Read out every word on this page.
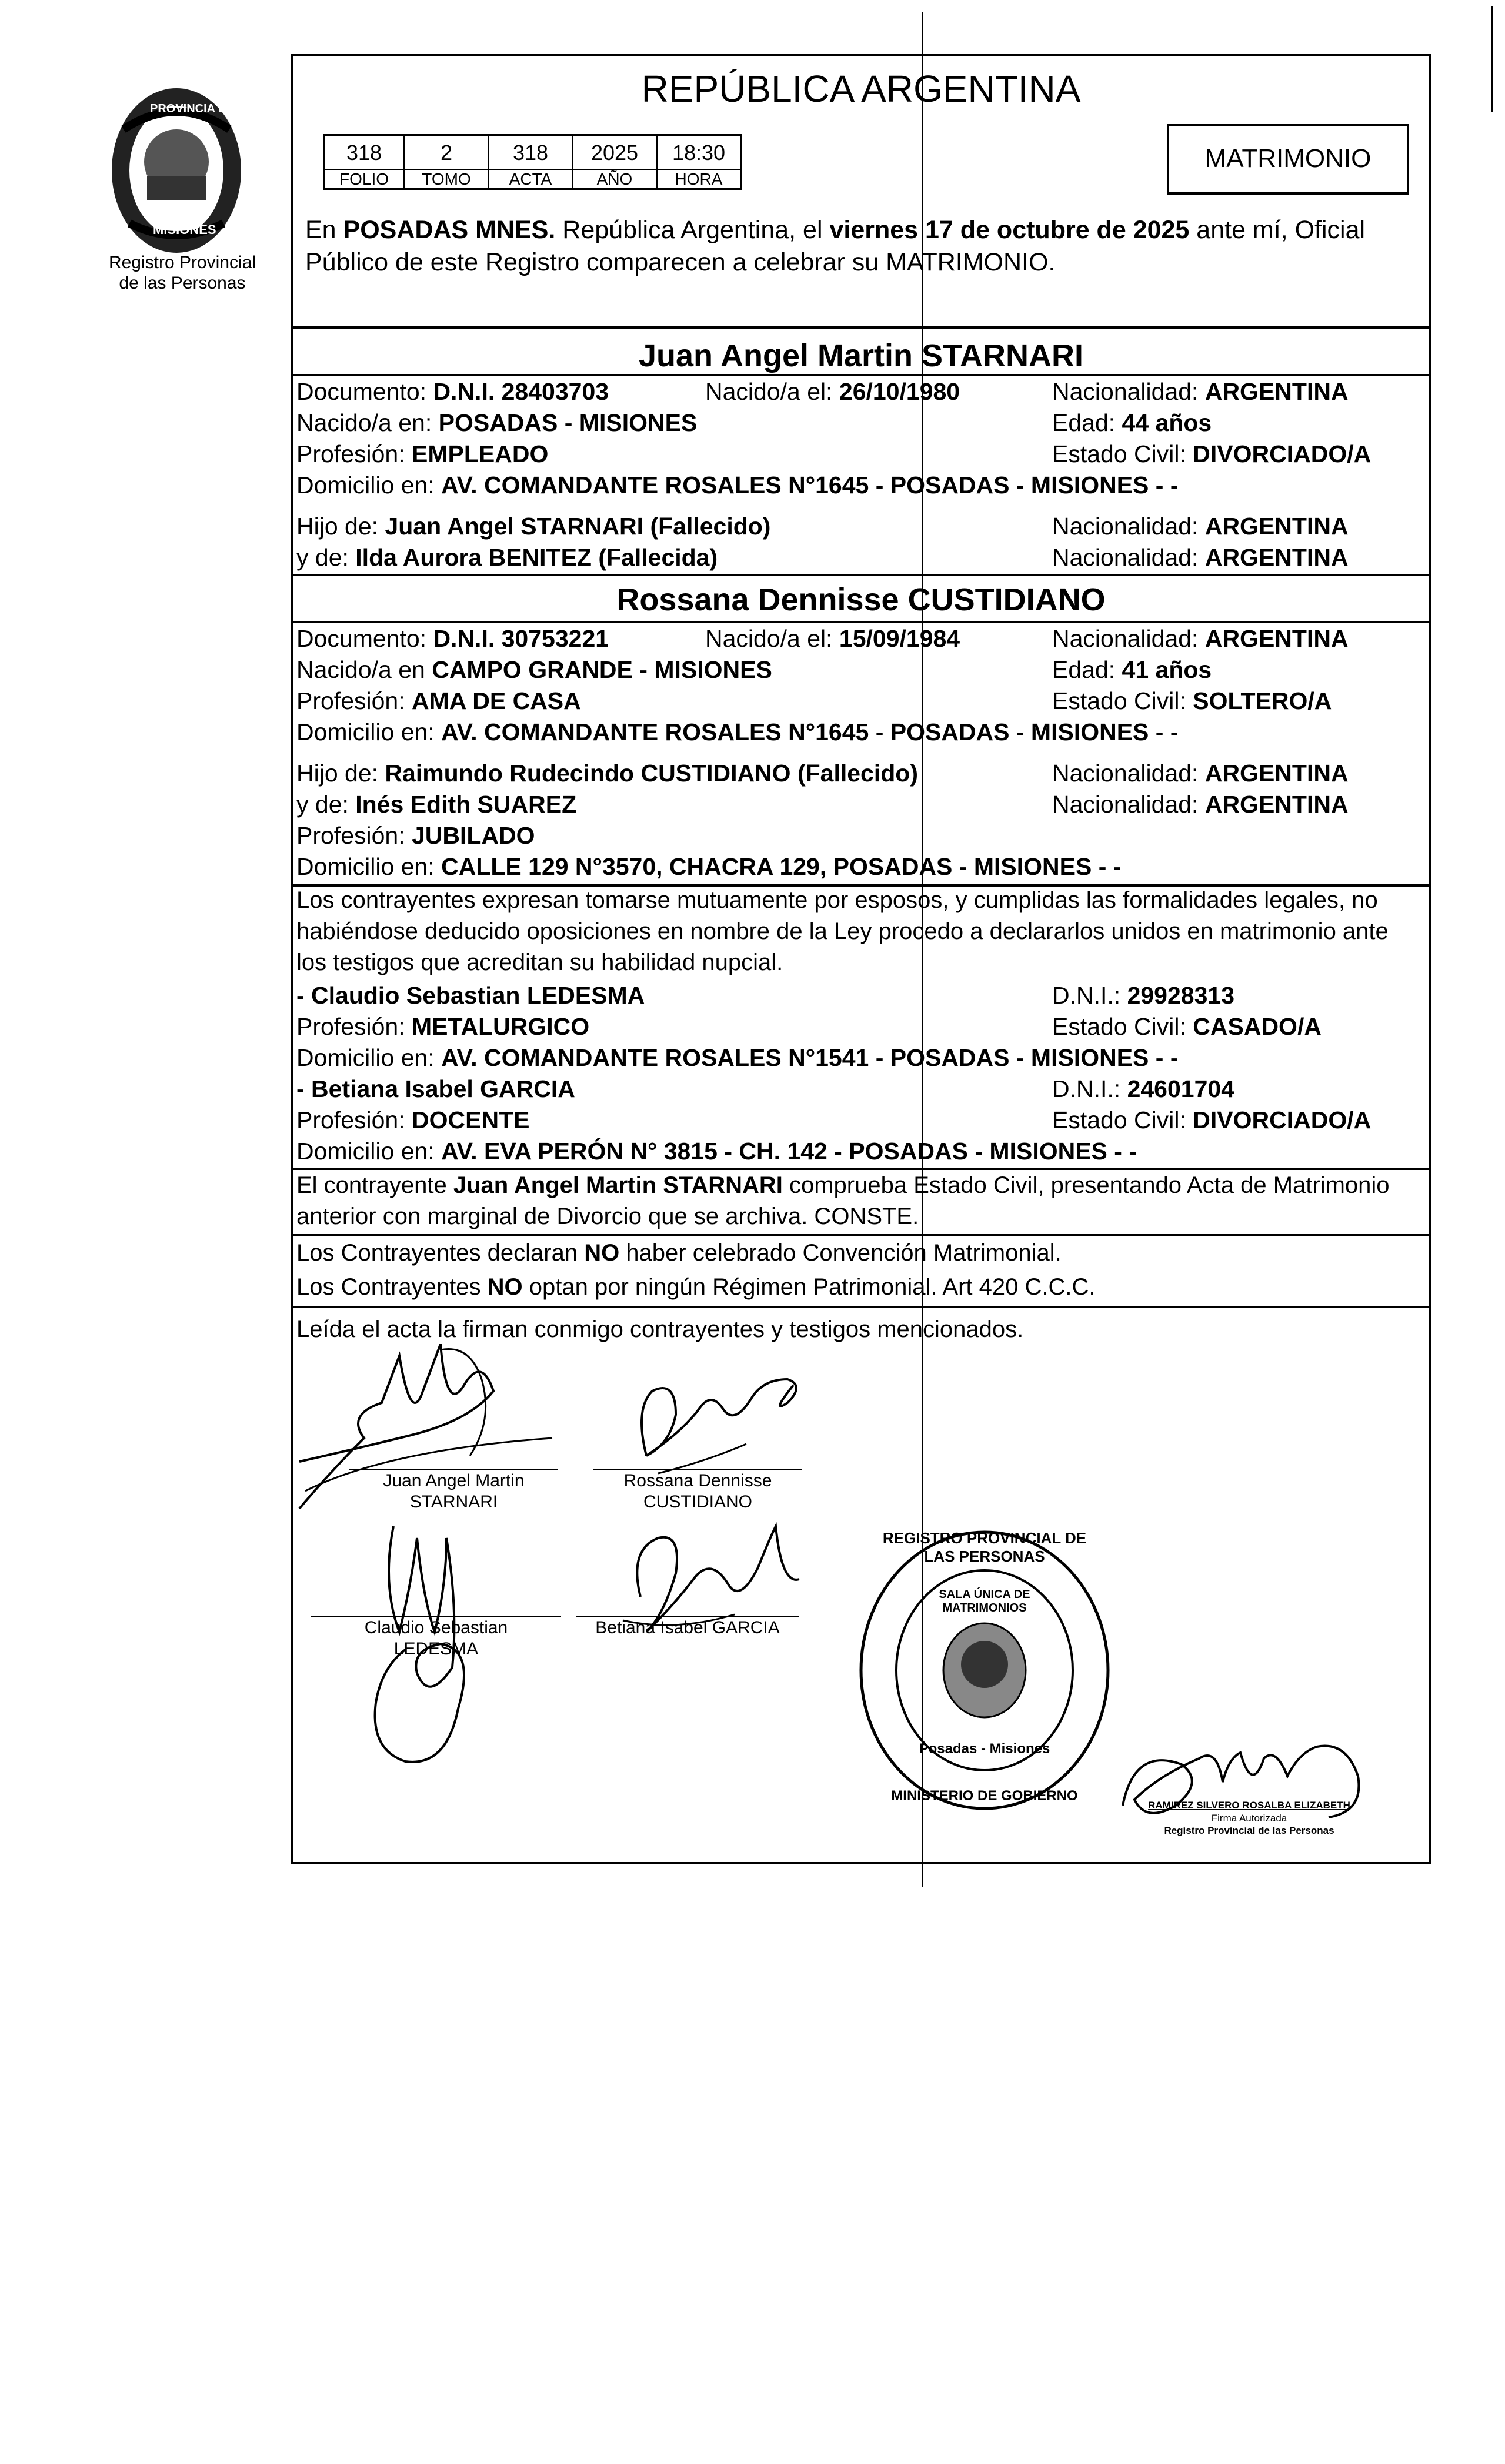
PROVINCIA DE
MISIONES
Registro Provincial
de las Personas
REPÚBLICA ARGENTINA
318	2	318	2025	18:30
FOLIO	TOMO	ACTA	AÑO	HORA
MATRIMONIO
En POSADAS MNES. República Argentina, el viernes 17 de octubre de 2025 ante mí, Oficial
Público de este Registro comparecen a celebrar su MATRIMONIO.
Juan Angel Martin STARNARI
Documento: D.N.I. 28403703	Nacido/a el: 26/10/1980	Nacionalidad: ARGENTINA
Nacido/a en: POSADAS - MISIONES	Edad: 44 años
Profesión: EMPLEADO	Estado Civil: DIVORCIADO/A
Domicilio en: AV. COMANDANTE ROSALES N°1645 - POSADAS - MISIONES - -
Hijo de: Juan Angel STARNARI (Fallecido)	Nacionalidad: ARGENTINA
y de: Ilda Aurora BENITEZ (Fallecida)	Nacionalidad: ARGENTINA
Rossana Dennisse CUSTIDIANO
Documento: D.N.I. 30753221	Nacido/a el: 15/09/1984	Nacionalidad: ARGENTINA
Nacido/a en CAMPO GRANDE - MISIONES	Edad: 41 años
Profesión: AMA DE CASA	Estado Civil: SOLTERO/A
Domicilio en: AV. COMANDANTE ROSALES N°1645 - POSADAS - MISIONES - -
Hijo de: Raimundo Rudecindo CUSTIDIANO (Fallecido)	Nacionalidad: ARGENTINA
y de: Inés Edith SUAREZ	Nacionalidad: ARGENTINA
Profesión: JUBILADO
Domicilio en: CALLE 129 N°3570, CHACRA 129, POSADAS - MISIONES - -
Los contrayentes expresan tomarse mutuamente por esposos, y cumplidas las formalidades legales, no
habiéndose deducido oposiciones en nombre de la Ley procedo a declararlos unidos en matrimonio ante
los testigos que acreditan su habilidad nupcial.
- Claudio Sebastian LEDESMA	D.N.I.: 29928313
Profesión: METALURGICO	Estado Civil: CASADO/A
Domicilio en: AV. COMANDANTE ROSALES N°1541 - POSADAS - MISIONES - -
- Betiana Isabel GARCIA	D.N.I.: 24601704
Profesión: DOCENTE	Estado Civil: DIVORCIADO/A
Domicilio en: AV. EVA PERÓN N° 3815 - CH. 142 - POSADAS - MISIONES - -
El contrayente Juan Angel Martin STARNARI comprueba Estado Civil, presentando Acta de Matrimonio
anterior con marginal de Divorcio que se archiva. CONSTE.
Los Contrayentes declaran NO haber celebrado Convención Matrimonial.
Los Contrayentes NO optan por ningún Régimen Patrimonial. Art 420 C.C.C.
Leída el acta la firman conmigo contrayentes y testigos mencionados.
Juan Angel Martin
STARNARI
Rossana Dennisse
CUSTIDIANO
Claudio Sebastian
LEDESMA
Betiana Isabel GARCIA
REGISTRO PROVINCIAL DE LAS PERSONAS
SALA ÚNICA DE MATRIMONIOS
Posadas - Misiones
MINISTERIO DE GOBIERNO
RAMIREZ SILVERO ROSALBA ELIZABETH
Firma Autorizada
Registro Provincial de las Personas
